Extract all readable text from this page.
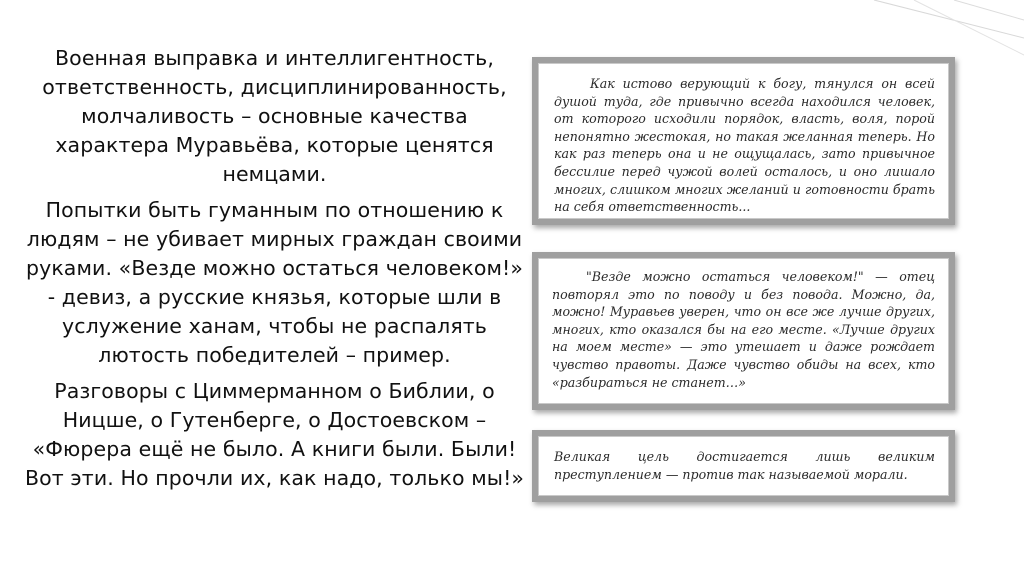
Военная выправка и интеллигентность, ответственность, дисциплинированность, молчаливость – основные качества характера Муравьёва, которые ценятся немцами.

Попытки быть гуманным по отношению к людям – не убивает мирных граждан своими руками. «Везде можно остаться человеком!» - девиз, а русские князья, которые шли в услужение ханам, чтобы не распалять лютость победителей – пример.

Разговоры с Циммерманном о Библии, о Ницше, о Гутенберге, о Достоевском – «Фюрера ещё не было. А книги были. Были! Вот эти. Но прочли их, как надо, только мы!»

Как истово верующий к богу, тянулся он всей душой туда, где привычно всегда находился человек, от которого исходили порядок, власть, воля, порой непонятно жестокая, но такая желанная теперь. Но как раз теперь она и не ощущалась, зато привычное бессилие перед чужой волей осталось, и оно лишало многих, слишком многих желаний и готовности брать на себя ответственность...

"Везде можно остаться человеком!" — отец повторял это по поводу и без повода. Можно, да, можно! Муравьев уверен, что он все же лучше других, многих, кто оказался бы на его месте. «Лучше других на моем месте» — это утешает и даже рождает чувство правоты. Даже чувство обиды на всех, кто «разбираться не станет…»

Великая цель достигается лишь великим преступлением — против так называемой морали.
